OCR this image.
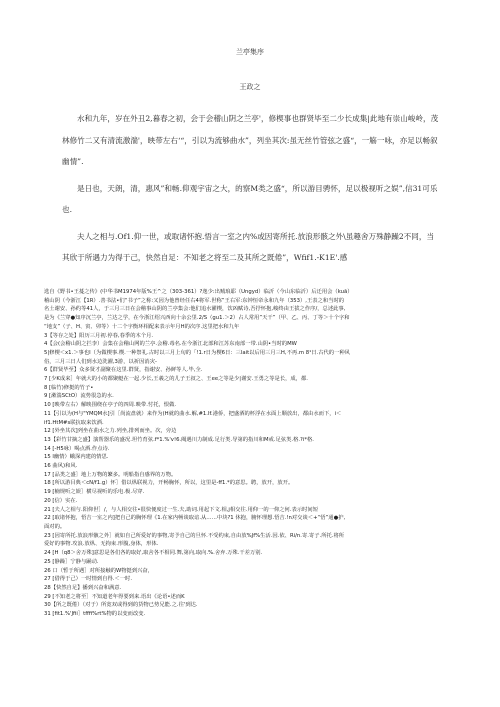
兰亭集序
王政之

水和九年，岁在外丑2,暮春之初，会于会稽山阴之兰亭'，修楔事也群贤毕至二少长成集|此地有崇山峻岭，茂林修竹二又有清流激湍'，映带左右‘“，引以为流够曲水”，列坐其次:虽无丝竹管弦之盛“，一觞一咏，亦足以畅叙幽情”.

是日也，天朗，清，惠风”和畅.仰观宇宙之大，的察M类之盛“，所以游目骋怀，足以极视听之娱”,信31可乐也.

夫人之相与.Of1.仰一世，或取诸怀抱.悟言一室之内%或因寄所托.放浪形骸之外\虽趣舍万殊静躁2不同，当其欣于所遇力为得于己，快然自足：不知老之将至二及其所之既倦”，Wfif1.-K1E'.感

选自《野书•王蔓之传》(中华书M1974年版%王^之（303-361）?逸少:出贼琅耶（Ungyd）临沂（今山东临沂）后迁用会（kuā）

稽山阴（今浙江【1R）.善书法•们“书子”之称:又因为他曾经任右4将军.世称”王右军:东钟恒帝永和九年（353）,王表之和当时的

名土谢安、孙约等41人，于三月三日在会稽事山阴的兰亭集会:他们追水濯楔，饮凶赋诗,吾抒怀抱,峻终由王拔之作序/，总述此事,

是为《兰穿●知序沉兰亭，兰达之学，在今浙江绍兴西向十余公里.2/S（gu1.＞2）占人常用”天干”（甲、乙、丙、丁等＞十个字和

“地支”（子、H、寅、卯等）十二个字衡环相配来表示年月H的次序.这里把水和九年

3【等存之处】阳历三月初.停春,春季的木个月.

4【会(会稽山阴之拦李）会集在会稽山网的兰亭.会稽.毒名.在今浙江北部和江苏东南部一带.山阴•当时的MW

5|修楔＜x1.＞事也I（为做楔事.楔.一种祭礼.古时以三月上旬的「!1.r日为楔6日：三lait以后用三月三H,不再.m 8¹日.古代的一种风

俗，三月三日人们到水边洗濯,3游，以祈因消灾-

6【群贤毕至】众多贤才副聚在这里.群贤，指谢安、孙鲜等人.毕,全.

7 [少K成来］年就大的小的都聚艇在一起.少长,王羲之的儿子王叔之、王ee之等是少|谢安.王勇之等是长，成，都.

8 [临竹)修挺的竹子•

9 [漱湍SCtO）流势很急的水.

10 [映带左右）解映围绕在亭子的四周.映带.忖托，恨做.

11【引以为(H与"YMQM水]引［尚流盘就）来作为(H就的曲水.解,#1.If.港侨，把盛酒的杯浮在水面上顺放出，都由水而下，i＜

if1.HtM#s联抗取来饮酒.

12 [外坐其次]列坐在曲水之力.列坐,排列而坐。次，旁边

13【彩竹甘摘之盛】演帮器乐的盛况.坦竹育弦.f*1.%'v!6.阉遇川力制成.足行类.导第的指川和M戒.足弦类.格.?i*格.

14 [-H5咏）喝点酒.作点诗.

15 l幽情）蛾深内建的情思.

16 曲风)和风.

17 [品类之盛］地上万物的繁多。明船指自感界的万物。

18 [所以游目典＜cN/f1.g）怀］借以纵联视力，开畅胸怀，所以，这里是-ff1.*的意思。聘，放开，放开。

19 [楠规听之娱］横尽视听的乐电.极.尽穿.

20 [信）实在.

21 [夫人之相与.阳仰世］/，与人相交往•很快便度过一生.夫,助词.用起下文.相,j相交往.用仰一的一仰之何.表示时间短

22 [取诸怀抱，悟吉一室之内]把自己的胸怀理《1.在家内畅谈取谙.从……中块?1 休抱，腑怀理想.悟吉.!n对交谈＜+“悟”通●护,

面对的。

23 [因寄所托.放浪形骸之外］就如自己所爱好的事物,寄予自己的旦怀.不受约束,自由放%Jf%生活.因.依、Ri/n.寄.寄子.所托.将所

爱好的事物.攻浪.放纵、无拘束.形腹,身体，形体.

24 [H（q8＞舍万殊]意思是各们各的取好,取舍各不相同.舞,第向,取向.%.舍弃.万殊.干差万别.

25 [静躁］宁静与踊动.

26 口（暂于所遇］对所接触的W物挺到兴奋，

27 [借得于己）一时情到自得.＜一时.

28【快然自足】播到兴奋和满意.

29 [不知老之将至］不知道老年得要到来.语出《论语•述而K

30【所之既倦）（对于）所宽双或得到的货物已势兄能.之.往'到达.

31 [fit1.%'Jfii］tfffi%rt%物的以变而改变.
